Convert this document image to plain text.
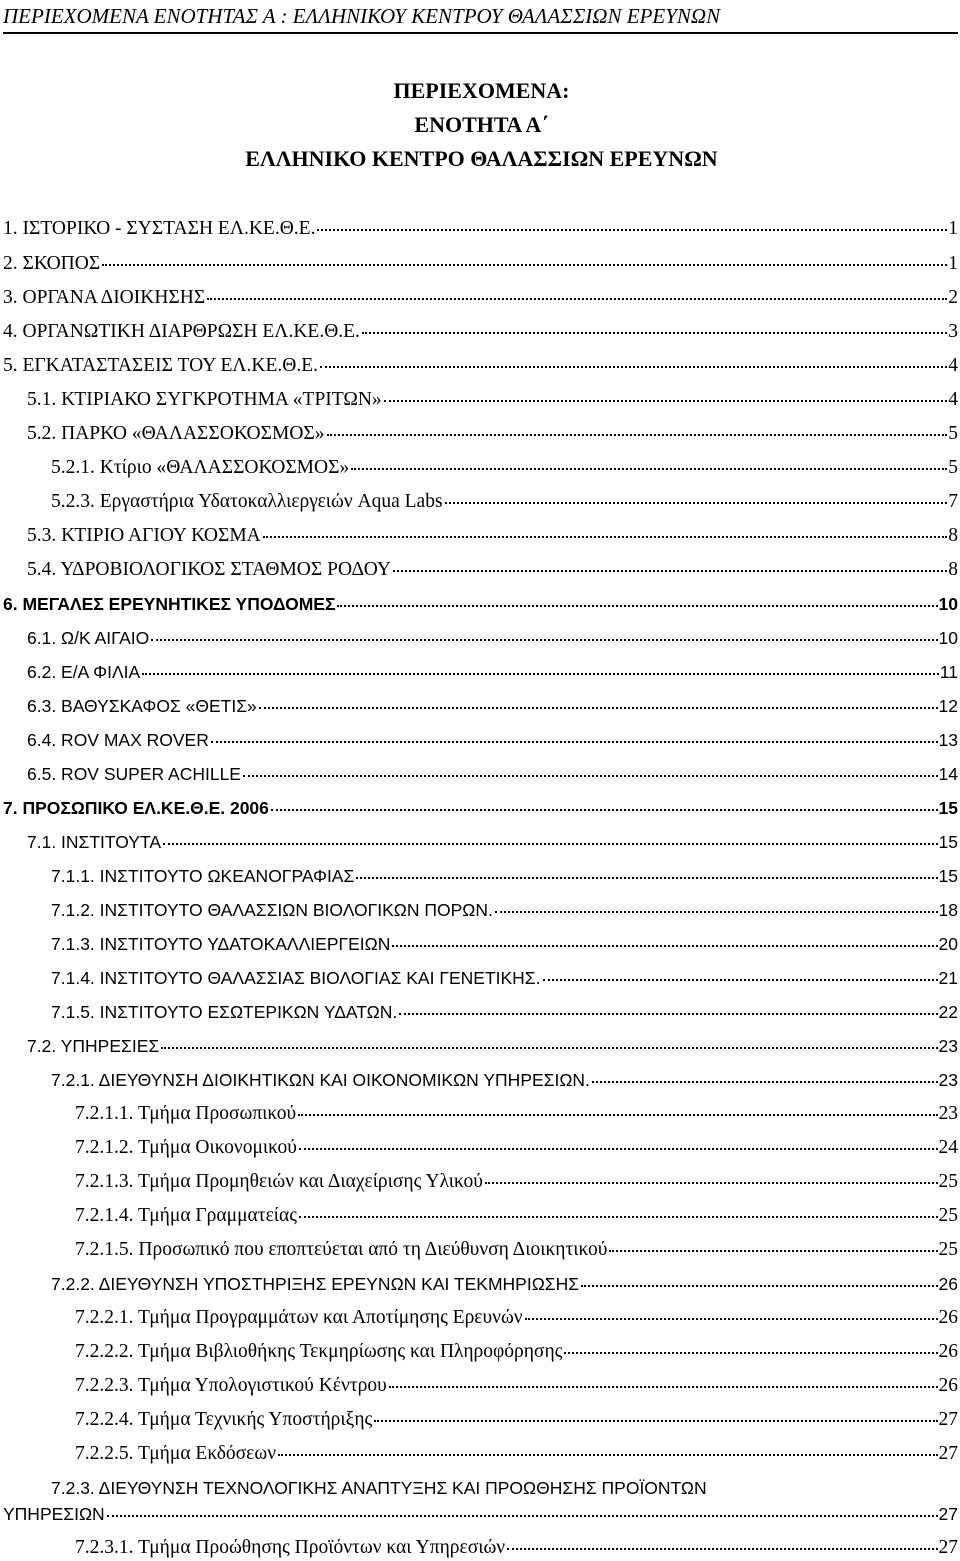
ΠΕΡΙΕΧΟΜΕΝΑ ΕΝΟΤΗΤΑΣ Α : ΕΛΛΗΝΙΚΟΥ ΚΕΝΤΡΟΥ ΘΑΛΑΣΣΙΩΝ ΕΡΕΥΝΩΝ
ΠΕΡΙΕΧΟΜΕΝΑ:
ΕΝΟΤΗΤΑ Α΄
ΕΛΛΗΝΙΚΟ ΚΕΝΤΡΟ ΘΑΛΑΣΣΙΩΝ ΕΡΕΥΝΩΝ
1. ΙΣΤΟΡΙΚΟ - ΣΥΣΤΑΣΗ ΕΛ.ΚΕ.Θ.Ε.	1
2. ΣΚΟΠΟΣ	1
3. ΟΡΓΑΝΑ ΔΙΟΙΚΗΣΗΣ	2
4. ΟΡΓΑΝΩΤΙΚΗ ΔΙΑΡΘΡΩΣΗ ΕΛ.ΚΕ.Θ.Ε.	3
5. ΕΓΚΑΤΑΣΤΑΣΕΙΣ ΤΟΥ ΕΛ.ΚΕ.Θ.Ε.	4
5.1. ΚΤΙΡΙΑΚΟ ΣΥΓΚΡΟΤΗΜΑ «ΤΡΙΤΩΝ»	4
5.2. ΠΑΡΚΟ «ΘΑΛΑΣΣΟΚΟΣΜΟΣ»	5
5.2.1. Κτίριο «ΘΑΛΑΣΣΟΚΟΣΜΟΣ»	5
5.2.3. Εργαστήρια Υδατοκαλλιεργειών Aqua Labs	7
5.3. ΚΤΙΡΙΟ ΑΓΙΟΥ ΚΟΣΜΑ	8
5.4. ΥΔΡΟΒΙΟΛΟΓΙΚΟΣ ΣΤΑΘΜΟΣ ΡΟΔΟΥ	8
6. ΜΕΓΑΛΕΣ ΕΡΕΥΝΗΤΙΚΕΣ ΥΠΟΔΟΜΕΣ	10
6.1. Ω/Κ ΑΙΓΑΙΟ	10
6.2. Ε/Α ΦΙΛΙΑ	11
6.3. ΒΑΘΥΣΚΑΦΟΣ «ΘΕΤΙΣ»	12
6.4. ROV MAX ROVER	13
6.5. ROV SUPER ACHILLE	14
7. ΠΡΟΣΩΠΙΚΟ ΕΛ.ΚΕ.Θ.Ε. 2006	15
7.1. ΙΝΣΤΙΤΟΥΤΑ	15
7.1.1. ΙΝΣΤΙΤΟΥΤΟ ΩΚΕΑΝΟΓΡΑΦΙΑΣ	15
7.1.2. ΙΝΣΤΙΤΟΥΤΟ ΘΑΛΑΣΣΙΩΝ ΒΙΟΛΟΓΙΚΩΝ ΠΟΡΩΝ.	18
7.1.3. ΙΝΣΤΙΤΟΥΤΟ ΥΔΑΤΟΚΑΛΛΙΕΡΓΕΙΩΝ	20
7.1.4. ΙΝΣΤΙΤΟΥΤΟ ΘΑΛΑΣΣΙΑΣ ΒΙΟΛΟΓΙΑΣ ΚΑΙ ΓΕΝΕΤΙΚΗΣ.	21
7.1.5. ΙΝΣΤΙΤΟΥΤΟ ΕΣΩΤΕΡΙΚΩΝ ΥΔΑΤΩΝ.	22
7.2. ΥΠΗΡΕΣΙΕΣ	23
7.2.1. ΔΙΕΥΘΥΝΣΗ ΔΙΟΙΚΗΤΙΚΩΝ ΚΑΙ ΟΙΚΟΝΟΜΙΚΩΝ ΥΠΗΡΕΣΙΩΝ.	23
7.2.1.1. Τμήμα Προσωπικού	23
7.2.1.2. Τμήμα Οικονομικού	24
7.2.1.3. Τμήμα Προμηθειών και Διαχείρισης Υλικού	25
7.2.1.4. Τμήμα Γραμματείας	25
7.2.1.5. Προσωπικό που εποπτεύεται από τη Διεύθυνση Διοικητικού	25
7.2.2. ΔΙΕΥΘΥΝΣΗ ΥΠΟΣΤΗΡΙΞΗΣ ΕΡΕΥΝΩΝ ΚΑΙ ΤΕΚΜΗΡΙΩΣΗΣ	26
7.2.2.1. Τμήμα Προγραμμάτων και Αποτίμησης Ερευνών	26
7.2.2.2. Τμήμα Βιβλιοθήκης Τεκμηρίωσης και Πληροφόρησης	26
7.2.2.3. Τμήμα Υπολογιστικού Κέντρου	26
7.2.2.4. Τμήμα Τεχνικής Υποστήριξης	27
7.2.2.5. Τμήμα Εκδόσεων	27
7.2.3. ΔΙΕΥΘΥΝΣΗ ΤΕΧΝΟΛΟΓΙΚΗΣ ΑΝΑΠΤΥΞΗΣ ΚΑΙ ΠΡΟΩΘΗΣΗΣ ΠΡΟΪΟΝΤΩΝ
ΥΠΗΡΕΣΙΩΝ	27
7.2.3.1. Τμήμα Προώθησης Προϊόντων και Υπηρεσιών	27
